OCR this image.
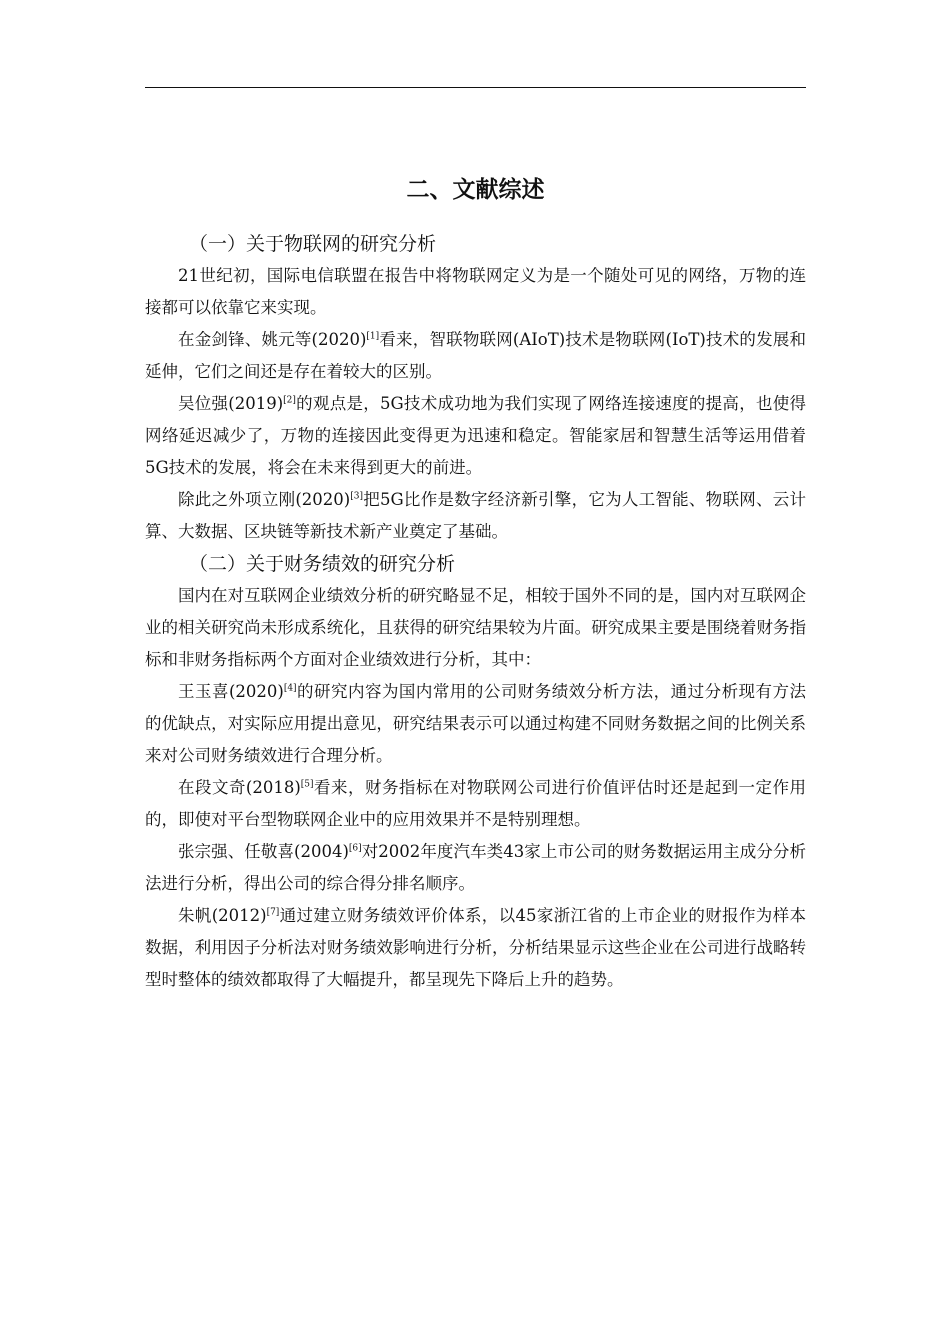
二、文献综述
（一）关于物联网的研究分析

21世纪初，国际电信联盟在报告中将物联网定义为是一个随处可见的网络，万物的连接都可以依靠它来实现。

在金剑锋、姚元等(2020)[1]看来，智联物联网(AIoT)技术是物联网(IoT)技术的发展和延伸，它们之间还是存在着较大的区别。

吴位强(2019)[2]的观点是，5G技术成功地为我们实现了网络连接速度的提高，也使得网络延迟减少了，万物的连接因此变得更为迅速和稳定。智能家居和智慧生活等运用借着5G技术的发展，将会在未来得到更大的前进。

除此之外项立刚(2020)[3]把5G比作是数字经济新引擎，它为人工智能、物联网、云计算、大数据、区块链等新技术新产业奠定了基础。

（二）关于财务绩效的研究分析

国内在对互联网企业绩效分析的研究略显不足，相较于国外不同的是，国内对互联网企业的相关研究尚未形成系统化，且获得的研究结果较为片面。研究成果主要是围绕着财务指标和非财务指标两个方面对企业绩效进行分析，其中：

王玉喜(2020)[4]的研究内容为国内常用的公司财务绩效分析方法，通过分析现有方法的优缺点，对实际应用提出意见，研究结果表示可以通过构建不同财务数据之间的比例关系来对公司财务绩效进行合理分析。

在段文奇(2018)[5]看来，财务指标在对物联网公司进行价值评估时还是起到一定作用的，即使对平台型物联网企业中的应用效果并不是特别理想。

张宗强、任敬喜(2004)[6]对2002年度汽车类43家上市公司的财务数据运用主成分分析法进行分析，得出公司的综合得分排名顺序。

朱帆(2012)[7]通过建立财务绩效评价体系，以45家浙江省的上市企业的财报作为样本数据，利用因子分析法对财务绩效影响进行分析，分析结果显示这些企业在公司进行战略转型时整体的绩效都取得了大幅提升，都呈现先下降后上升的趋势。
